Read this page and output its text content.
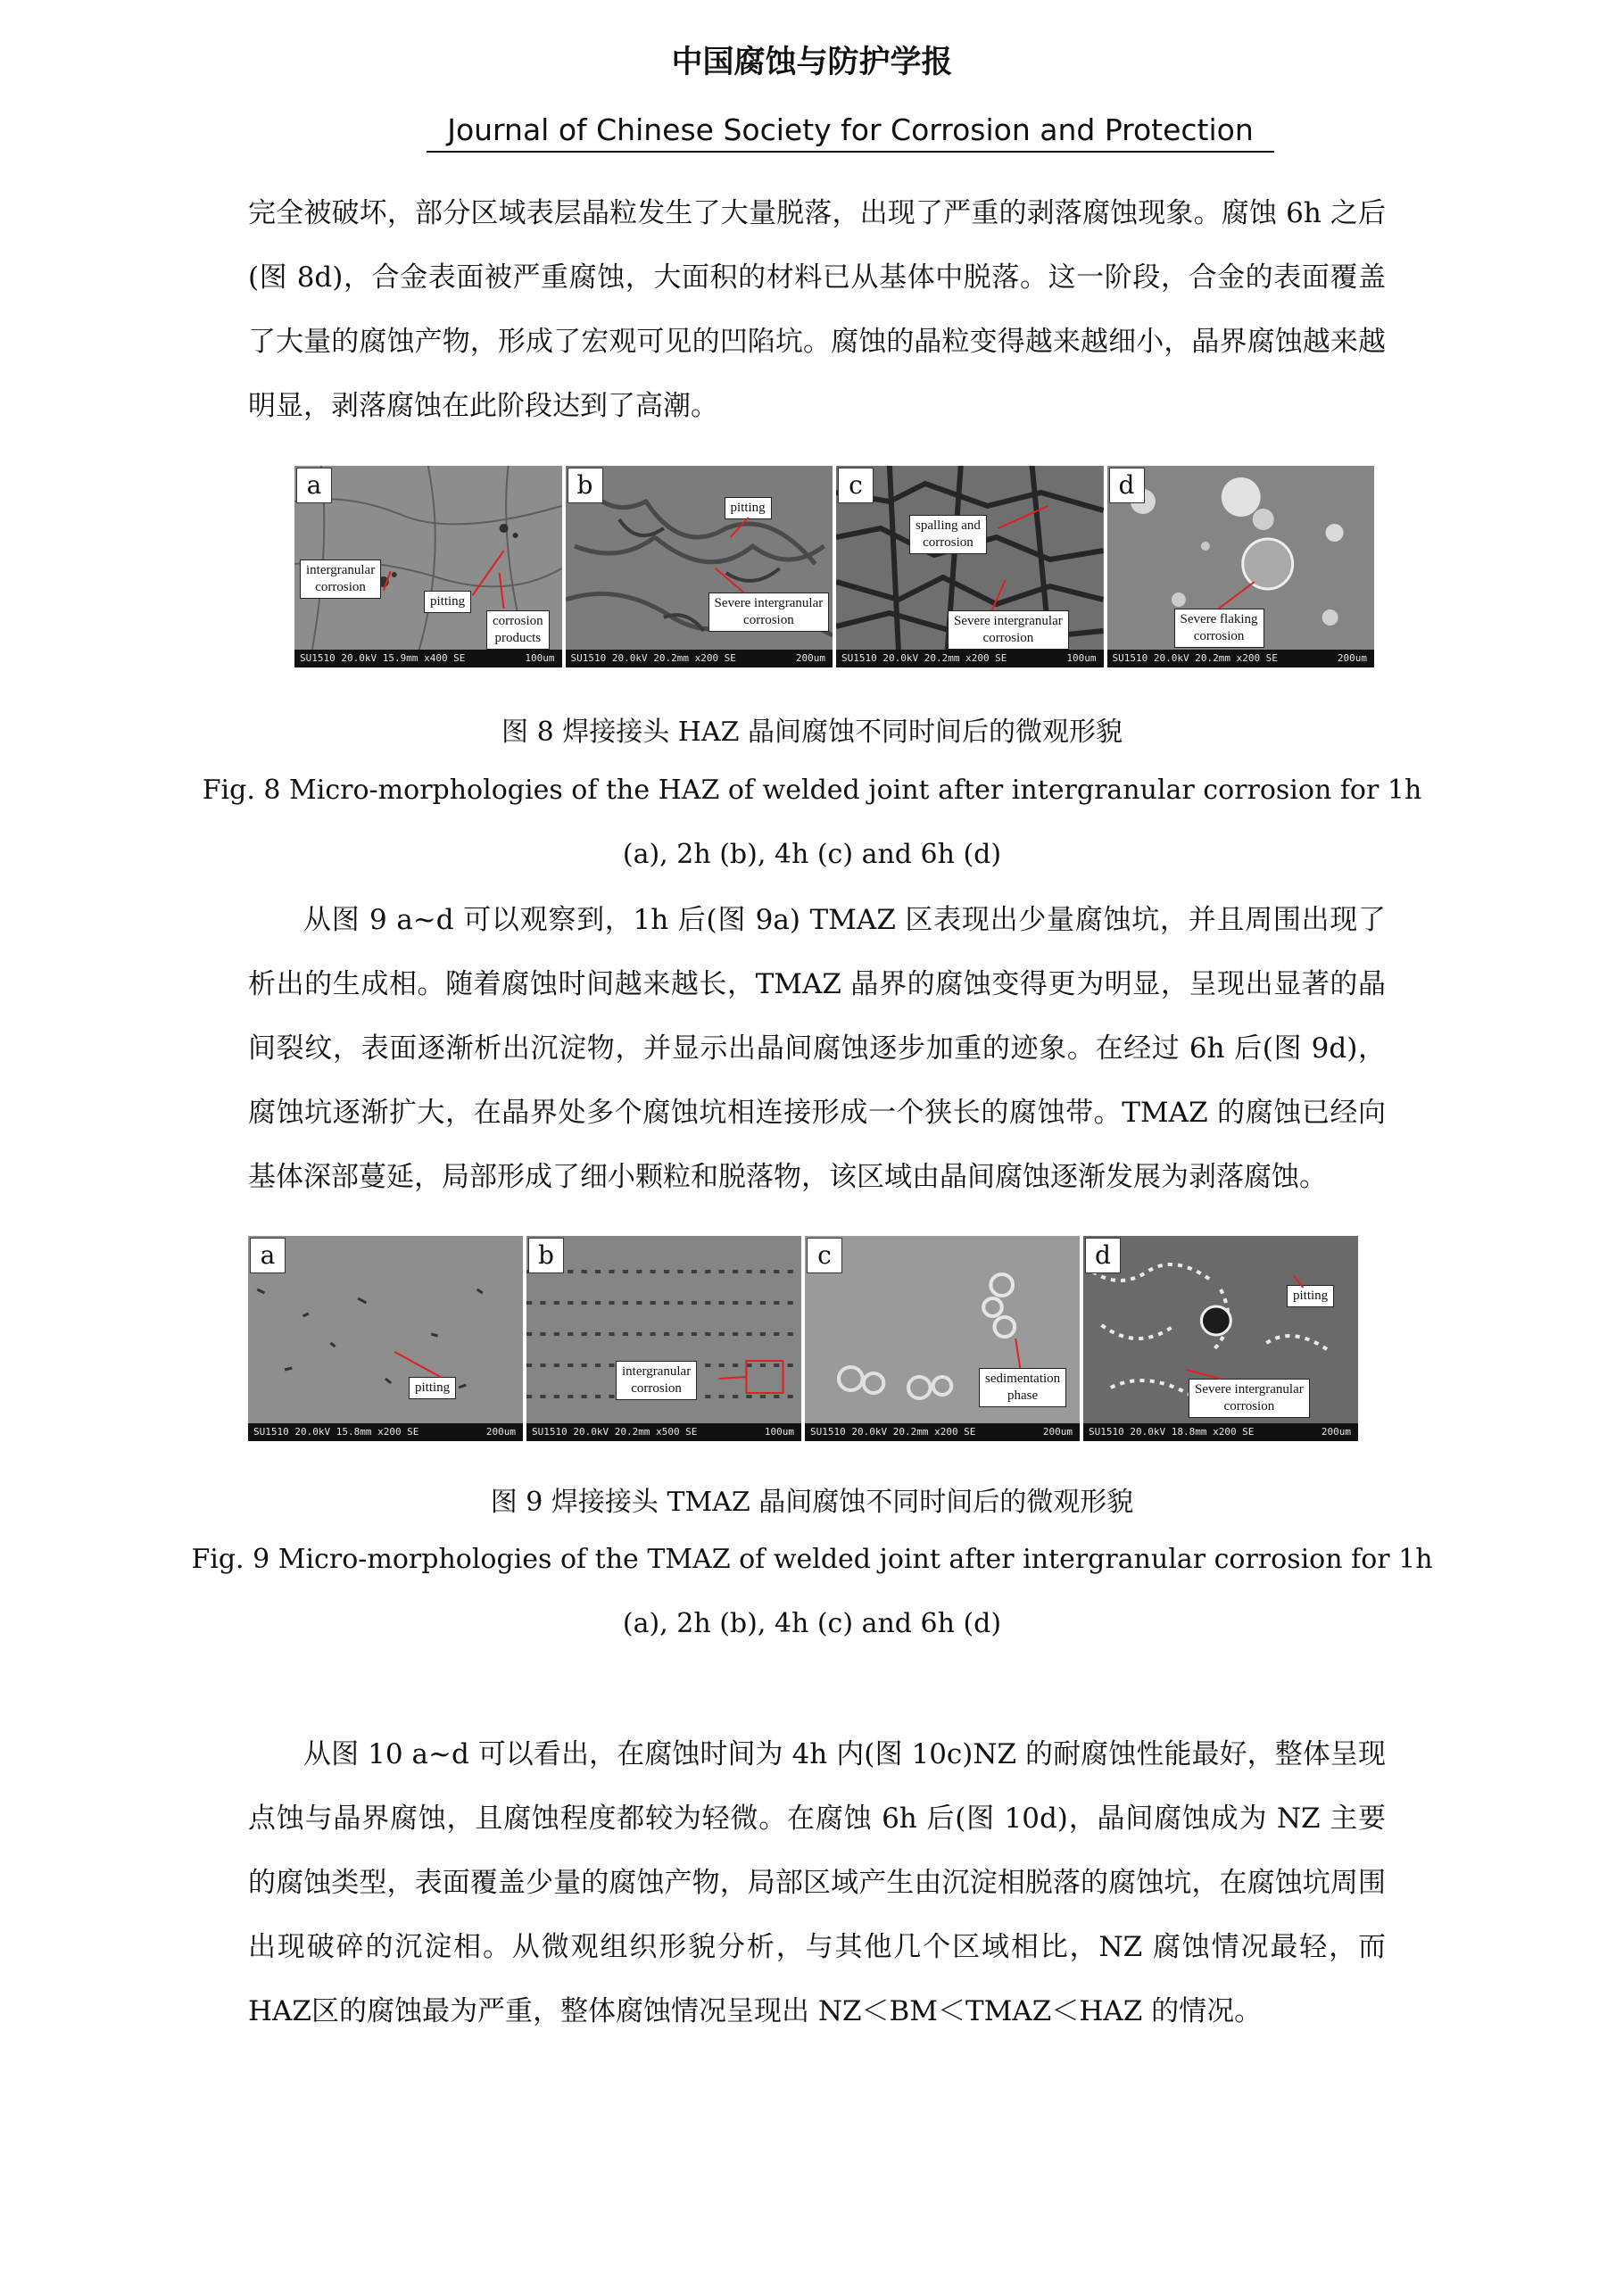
中国腐蚀与防护学报
Journal of Chinese Society for Corrosion and Protection

完全被破坏，部分区域表层晶粒发生了大量脱落，出现了严重的剥落腐蚀现象。腐蚀 6h 之后(图 8d)，合金表面被严重腐蚀，大面积的材料已从基体中脱落。这一阶段，合金的表面覆盖了大量的腐蚀产物，形成了宏观可见的凹陷坑。腐蚀的晶粒变得越来越细小，晶界腐蚀越来越明显，剥落腐蚀在此阶段达到了高潮。

a
intergranular
corrosion
pitting
corrosion
products
SU1510 20.0kV 15.9mm x400 SE	100um
b
pitting
Severe intergranular
corrosion
SU1510 20.0kV 20.2mm x200 SE	200um
c
spalling and
corrosion
Severe intergranular
corrosion
SU1510 20.0kV 20.2mm x200 SE	100um
d
Severe flaking
corrosion
SU1510 20.0kV 20.2mm x200 SE	200um
图 8 焊接接头 HAZ 晶间腐蚀不同时间后的微观形貌
Fig. 8 Micro-morphologies of the HAZ of welded joint after intergranular corrosion for 1h
(a), 2h (b), 4h (c) and 6h (d)

从图 9 a~d 可以观察到，1h 后(图 9a) TMAZ 区表现出少量腐蚀坑，并且周围出现了析出的生成相。随着腐蚀时间越来越长，TMAZ 晶界的腐蚀变得更为明显，呈现出显著的晶间裂纹，表面逐渐析出沉淀物，并显示出晶间腐蚀逐步加重的迹象。在经过 6h 后(图 9d)，腐蚀坑逐渐扩大，在晶界处多个腐蚀坑相连接形成一个狭长的腐蚀带。TMAZ 的腐蚀已经向基体深部蔓延，局部形成了细小颗粒和脱落物，该区域由晶间腐蚀逐渐发展为剥落腐蚀。

a
pitting
SU1510 20.0kV 15.8mm x200 SE	200um
b
intergranular
corrosion
SU1510 20.0kV 20.2mm x500 SE	100um
c
sedimentation
phase
SU1510 20.0kV 20.2mm x200 SE	200um
d
pitting
Severe intergranular
corrosion
SU1510 20.0kV 18.8mm x200 SE	200um
图 9 焊接接头 TMAZ 晶间腐蚀不同时间后的微观形貌
Fig. 9 Micro-morphologies of the TMAZ of welded joint after intergranular corrosion for 1h
(a), 2h (b), 4h (c) and 6h (d)

从图 10 a~d 可以看出，在腐蚀时间为 4h 内(图 10c)NZ 的耐腐蚀性能最好，整体呈现点蚀与晶界腐蚀，且腐蚀程度都较为轻微。在腐蚀 6h 后(图 10d)，晶间腐蚀成为 NZ 主要的腐蚀类型，表面覆盖少量的腐蚀产物，局部区域产生由沉淀相脱落的腐蚀坑，在腐蚀坑周围出现破碎的沉淀相。从微观组织形貌分析，与其他几个区域相比，NZ 腐蚀情况最轻，而 HAZ区的腐蚀最为严重，整体腐蚀情况呈现出 NZ＜BM＜TMAZ＜HAZ 的情况。
